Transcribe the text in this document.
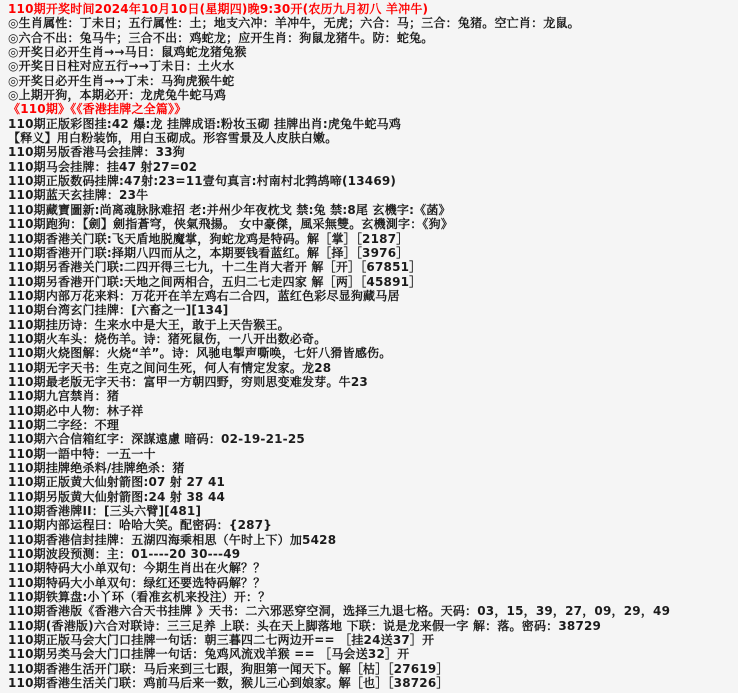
110期开奖时间2024年10月10日(星期四)晚9:30开(农历九月初八 羊冲牛)
◎生肖属性：丁未日；五行属性：土；地支六冲：羊冲牛，无虎；六合：马；三合：兔猪。空亡肖：龙鼠。
◎六合不出：兔马牛；三合不出：鸡蛇龙；应开生肖：狗鼠龙猪牛。防：蛇兔。
◎开奖日必开生肖→→马日：鼠鸡蛇龙猪兔猴
◎开奖日日柱对应五行→→丁未日：土火水
◎开奖日必开生肖→→丁未：马狗虎猴牛蛇
◎上期开狗，本期必开：龙虎兔牛蛇马鸡
《110期》《《香港挂牌之全篇》》
110期正版彩图挂:42 爆:龙 挂牌成语:粉妆玉砌 挂牌出肖:虎兔牛蛇马鸡
【释义】用白粉装饰，用白玉砌成。形容雪景及人皮肤白嫩。
110期另版香港马会挂牌：33狗
110期马会挂牌：挂47 射27=02
110期正版数码挂牌:47射:23=11壹句真言:村南村北鹁鸪啼(13469)
110期蓝天玄挂牌：23牛
110期藏寶圖新:尚离魂脉脉难招 老:并州少年夜枕戈 禁:兔 禁:8尾 玄機字:《菡》
110期跑狗：【劍】劍指蒼穹，侠氣飛揚。 女中豪傑，風采無雙。玄機測字：《狗》
110期香港关门联:飞天盾地脱魔掌，狗蛇龙鸡是特码。解［掌］［2187］
110期香港开门联:择期八四而从之，本期要钱看蓝红。解［择］［3976］
110期另香港关门联:二四开得三七九，十二生肖大者开 解［开］［67851］
110期另香港开门联:天地之间两相合，五归二七走四家 解［两］［45891］
110期内部万花来料：万花开在羊左鸡右二合四，蓝红色彩尽显狗藏马居
110期台湾玄门挂牌：[六畜之一][134]
110期挂历诗：生来水中是大王，敢于上天告猴王。
110期火车头：烧伤羊。诗：猪死鼠伤，一八开出数必奇。
110期火烧图解：火烧“羊”。诗：风驰电掣声嘶唤，七奸八猾皆感伤。
110期无字天书：生克之间问生死，何人有情定发家。龙28
110期最老版无字天书：富甲一方朝四野，穷则思变难发芽。牛23
110期九宫禁肖：猪
110期必中人物：林子祥
110期二字经：不理
110期六合信箱红字：深謀遠慮 暗码：02-19-21-25
110期一語中特：一五一十
110期挂牌绝杀料/挂牌绝杀：猪
110期正版黄大仙射箭图:07 射 27 41
110期另版黄大仙射箭图:24 射 38 44
110期香港牌II：[三头六臂][481]
110期内部运程曰：哈哈大笑。配密码：{287}
110期香港信封挂牌：五湖四海乘相思（午时上下）加5428
110期波段预测：主：01----20 30---49
110期特码大小单双句：今期生肖出在火解？？
110期特码大小单双句：绿红还要选特码解？？
110期铁算盘:小丫环（看准玄机来投注）开：？
110期香港版《香港六合天书挂牌 》天书：二六邪恶穿空洞，选择三九退七格。天码：03，15，39，27，09，29，49
110期(香港版)六合对联诗：三三足养 上联：头在天上脚落地 下联：说是龙来假一字 解：落。密码：38729
110期正版马会大门口挂牌一句话：朝三暮四二七两边开== ［挂24送37］开
110期另类马会大门口挂牌一句话：兔鸡风流戏羊猴 == ［马会送32］开
110期香港生活开门联：马后来到三七跟，狗胆第一闻天下。解［枯］［27619］
110期香港生活关门联：鸡前马后来一数，猴儿三心到娘家。解［也］［38726］
